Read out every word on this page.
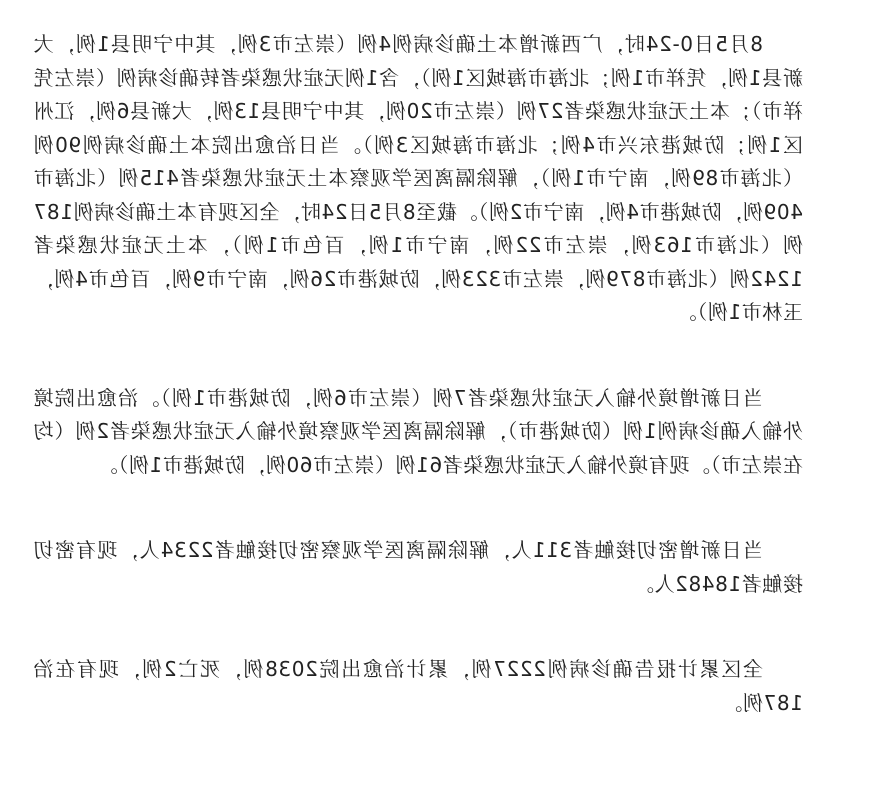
8月5日0-24时，广西新增本土确诊病例4例（崇左市3例，其中宁明县1例，大新县1例，凭祥市1例；北海市海城区1例），含1例无症状感染者转确诊病例（崇左凭祥市）；本土无症状感染者27例（崇左市20例，其中宁明县13例，大新县6例，江州区1例；防城港东兴市4例；北海市海城区3例）。当日治愈出院本土确诊病例90例（北海市89例，南宁市1例），解除隔离医学观察本土无症状感染者415例（北海市409例，防城港市4例，南宁市2例）。截至8月5日24时，全区现有本土确诊病例187例（北海市163例，崇左市22例，南宁市1例，百色市1例），本土无症状感染者1242例（北海市879例，崇左市323例，防城港市26例，南宁市9例，百色市4例，玉林市1例）。

当日新增境外输入无症状感染者7例（崇左市6例，防城港市1例）。治愈出院境外输入确诊病例1例（防城港市），解除隔离医学观察境外输入无症状感染者2例（均在崇左市）。现有境外输入无症状感染者61例（崇左市60例，防城港市1例）。

当日新增密切接触者311人，解除隔离医学观察密切接触者2234人，现有密切接触者18482人。

全区累计报告确诊病例2227例，累计治愈出院2038例，死亡2例，现有在治187例。
